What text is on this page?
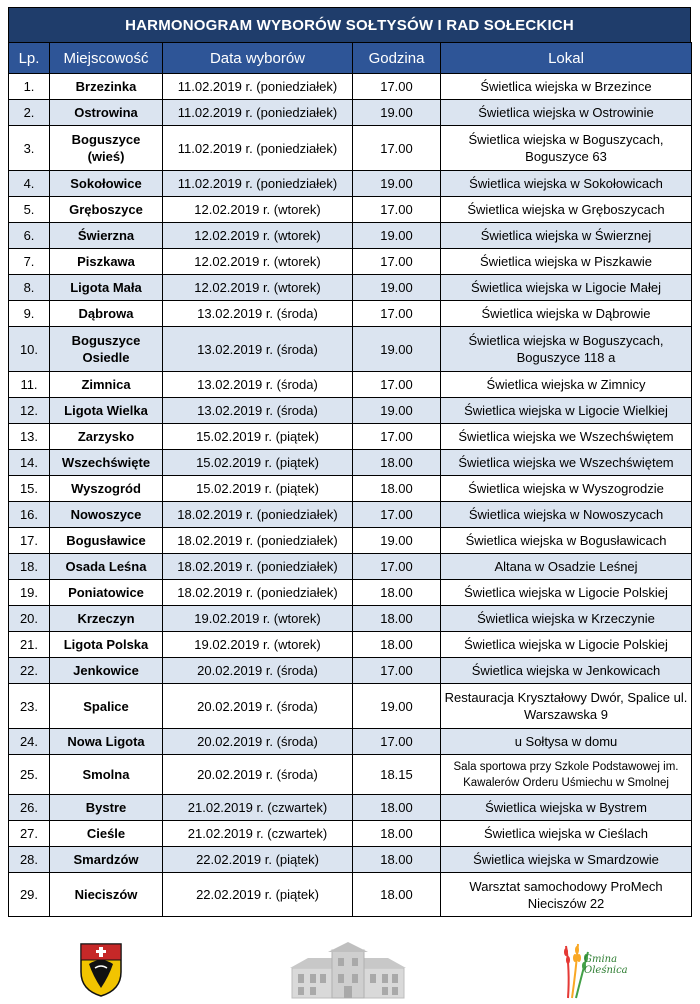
HARMONOGRAM WYBORÓW SOŁTYSÓW I RAD SOŁECKICH
Lp.	Miejscowość	Data wyborów	Godzina	Lokal
1.	Brzezinka	11.02.2019 r. (poniedziałek)	17.00	Świetlica wiejska w Brzezince
2.	Ostrowina	11.02.2019 r. (poniedziałek)	19.00	Świetlica wiejska w Ostrowinie
3.	Boguszyce (wieś)	11.02.2019 r. (poniedziałek)	17.00	Świetlica wiejska w Boguszycach, Boguszyce 63
4.	Sokołowice	11.02.2019 r. (poniedziałek)	19.00	Świetlica wiejska w Sokołowicach
5.	Gręboszyce	12.02.2019 r. (wtorek)	17.00	Świetlica wiejska w Gręboszycach
6.	Świerzna	12.02.2019 r. (wtorek)	19.00	Świetlica wiejska w Świerznej
7.	Piszkawa	12.02.2019 r. (wtorek)	17.00	Świetlica wiejska w Piszkawie
8.	Ligota Mała	12.02.2019 r. (wtorek)	19.00	Świetlica wiejska w Ligocie Małej
9.	Dąbrowa	13.02.2019 r. (środa)	17.00	Świetlica wiejska w Dąbrowie
10.	Boguszyce Osiedle	13.02.2019 r. (środa)	19.00	Świetlica wiejska w Boguszycach, Boguszyce 118 a
11.	Zimnica	13.02.2019 r. (środa)	17.00	Świetlica wiejska w Zimnicy
12.	Ligota Wielka	13.02.2019 r. (środa)	19.00	Świetlica wiejska w Ligocie Wielkiej
13.	Zarzysko	15.02.2019 r. (piątek)	17.00	Świetlica wiejska we Wszechświętem
14.	Wszechświęte	15.02.2019 r. (piątek)	18.00	Świetlica wiejska we Wszechświętem
15.	Wyszogród	15.02.2019 r. (piątek)	18.00	Świetlica wiejska w Wyszogrodzie
16.	Nowoszyce	18.02.2019 r. (poniedziałek)	17.00	Świetlica wiejska w Nowoszycach
17.	Bogusławice	18.02.2019 r. (poniedziałek)	19.00	Świetlica wiejska w Bogusławicach
18.	Osada Leśna	18.02.2019 r. (poniedziałek)	17.00	Altana w Osadzie Leśnej
19.	Poniatowice	18.02.2019 r. (poniedziałek)	18.00	Świetlica wiejska w Ligocie Polskiej
20.	Krzeczyn	19.02.2019 r. (wtorek)	18.00	Świetlica wiejska w Krzeczynie
21.	Ligota Polska	19.02.2019 r. (wtorek)	18.00	Świetlica wiejska w Ligocie Polskiej
22.	Jenkowice	20.02.2019 r. (środa)	17.00	Świetlica wiejska w Jenkowicach
23.	Spalice	20.02.2019 r. (środa)	19.00	Restauracja Kryształowy Dwór, Spalice ul. Warszawska 9
24.	Nowa Ligota	20.02.2019 r. (środa)	17.00	u Sołtysa w domu
25.	Smolna	20.02.2019 r. (środa)	18.15	Sala sportowa przy Szkole Podstawowej im. Kawalerów Orderu Uśmiechu w Smolnej
26.	Bystre	21.02.2019 r. (czwartek)	18.00	Świetlica wiejska w Bystrem
27.	Cieśle	21.02.2019 r. (czwartek)	18.00	Świetlica wiejska w Cieślach
28.	Smardzów	22.02.2019 r. (piątek)	18.00	Świetlica wiejska w Smardzowie
29.	Nieciszów	22.02.2019 r. (piątek)	18.00	Warsztat samochodowy ProMech Nieciszów 22
Gmina
Oleśnica
